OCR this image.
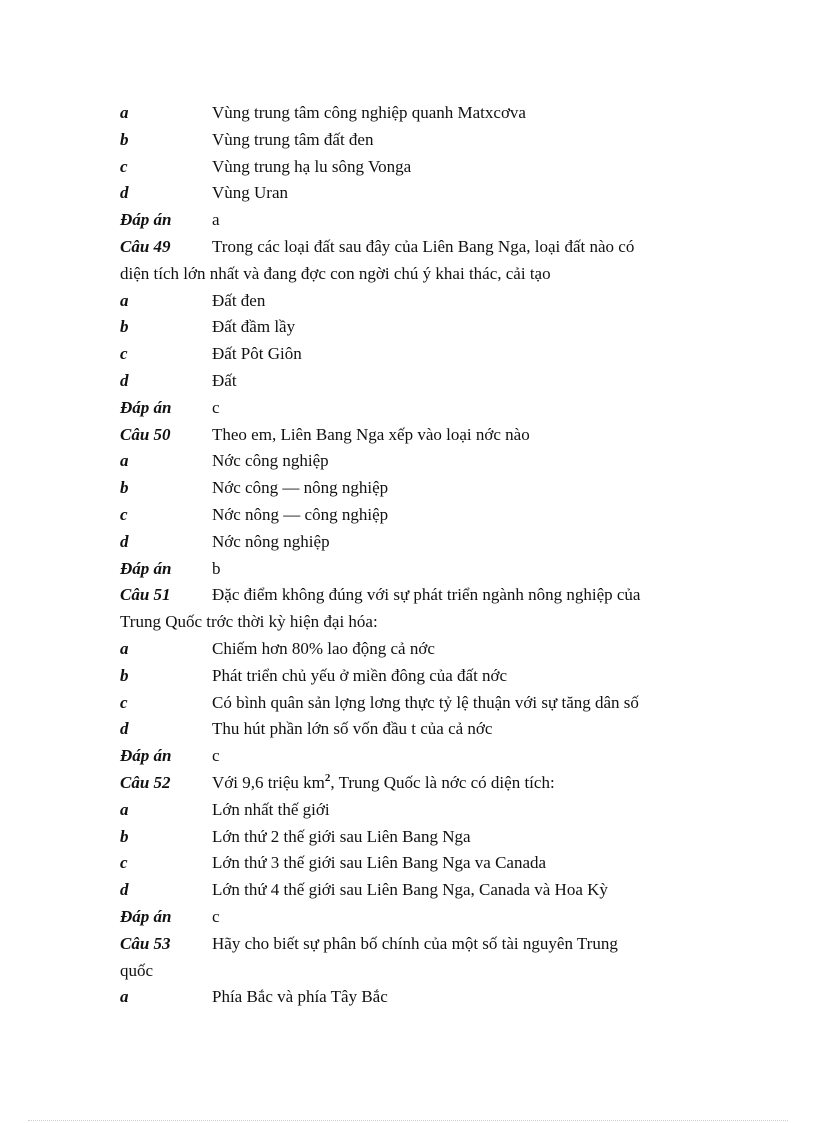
a	Vùng trung tâm công nghiệp quanh Matxcơva
b	Vùng trung tâm đất đen
c	Vùng trung hạ lu sông Vonga
d	Vùng Uran
Đáp án a
Câu 49 Trong các loại đất sau đây của Liên Bang Nga, loại đất nào có
diện tích lớn nhất và đang đợc con ngời chú ý khai thác, cải tạo
a	Đất đen
b	Đất đầm lầy
c	Đất Pôt Giôn
d	Đất
Đáp án c
Câu 50 Theo em, Liên Bang Nga xếp vào loại nớc nào
a	Nớc công nghiệp
b	Nớc công — nông nghiệp
c	Nớc nông — công nghiệp
d	Nớc nông nghiệp
Đáp án b
Câu 51 Đặc điểm không đúng với sự phát triển ngành nông nghiệp của
Trung Quốc trớc thời kỳ hiện đại hóa:
a	Chiếm hơn 80% lao động cả nớc
b	Phát triển chủ yếu ở miền đông của đất nớc
c	Có bình quân sản lợng lơng thực tỷ lệ thuận với sự tăng dân số
d	Thu hút phần lớn số vốn đầu t của cả nớc
Đáp án c
Câu 52 Với 9,6 triệu $km^2$, Trung Quốc là nớc có diện tích:
a	Lớn nhất thế giới
b	Lớn thứ 2 thế giới sau Liên Bang Nga
c	Lớn thứ 3 thế giới sau Liên Bang Nga va Canada
d	Lớn thứ 4 thế giới sau Liên Bang Nga, Canada và Hoa Kỳ
Đáp án c
Câu 53 Hãy cho biết sự phân bố chính của một số tài nguyên Trung
quốc
a	Phía Bắc và phía Tây Bắc
